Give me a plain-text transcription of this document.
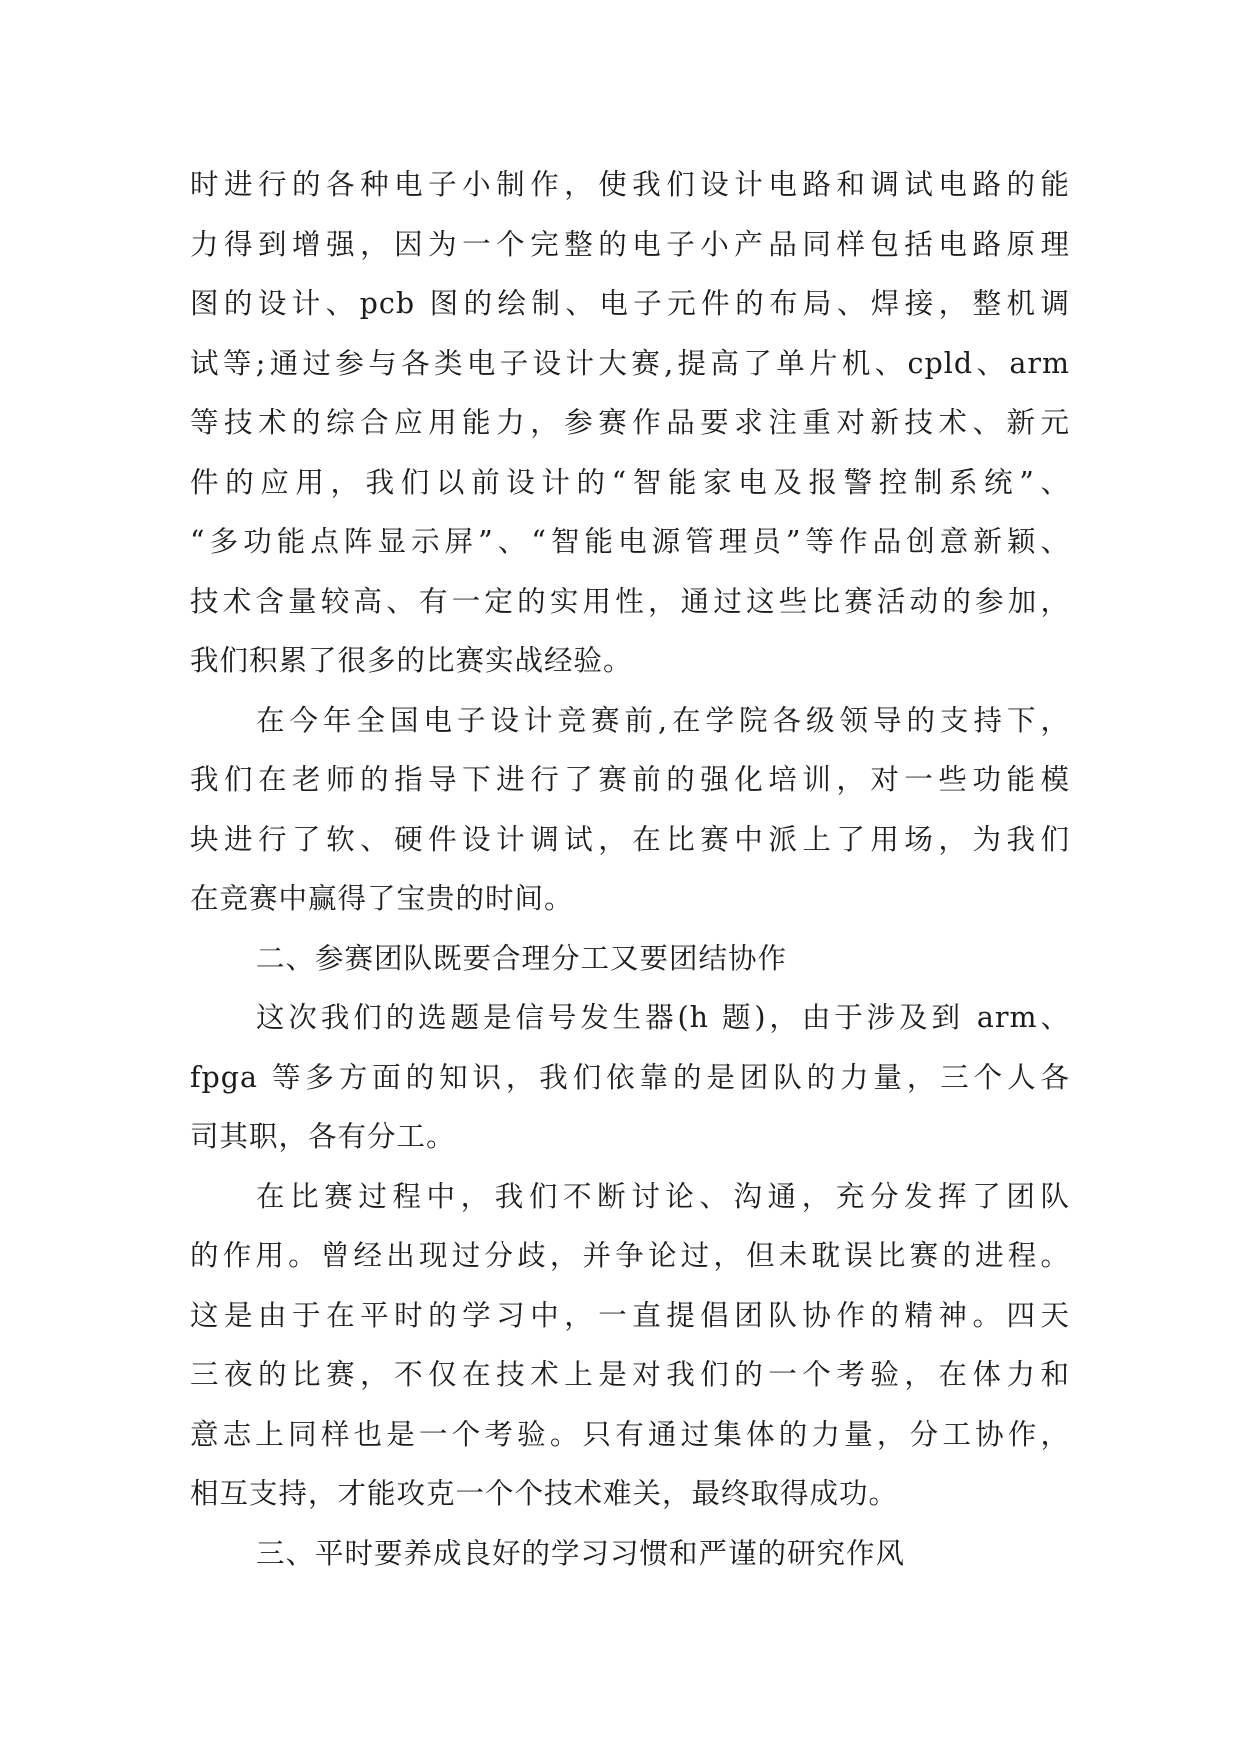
时进行的各种电子小制作，使我们设计电路和调试电路的能
力得到增强，因为一个完整的电子小产品同样包括电路原理
图的设计、pcb 图的绘制、电子元件的布局、焊接，整机调
试等;通过参与各类电子设计大赛,提高了单片机、cpld、arm
等技术的综合应用能力，参赛作品要求注重对新技术、新元
件的应用，我们以前设计的“智能家电及报警控制系统”、
“多功能点阵显示屏”、“智能电源管理员”等作品创意新颖、
技术含量较高、有一定的实用性，通过这些比赛活动的参加，
我们积累了很多的比赛实战经验。
在今年全国电子设计竞赛前,在学院各级领导的支持下，
我们在老师的指导下进行了赛前的强化培训，对一些功能模
块进行了软、硬件设计调试，在比赛中派上了用场，为我们
在竞赛中赢得了宝贵的时间。
二、参赛团队既要合理分工又要团结协作
这次我们的选题是信号发生器(h 题)，由于涉及到 arm、
fpga 等多方面的知识，我们依靠的是团队的力量，三个人各
司其职，各有分工。
在比赛过程中，我们不断讨论、沟通，充分发挥了团队
的作用。曾经出现过分歧，并争论过，但未耽误比赛的进程。
这是由于在平时的学习中，一直提倡团队协作的精神。四天
三夜的比赛，不仅在技术上是对我们的一个考验，在体力和
意志上同样也是一个考验。只有通过集体的力量，分工协作，
相互支持，才能攻克一个个技术难关，最终取得成功。
三、平时要养成良好的学习习惯和严谨的研究作风
